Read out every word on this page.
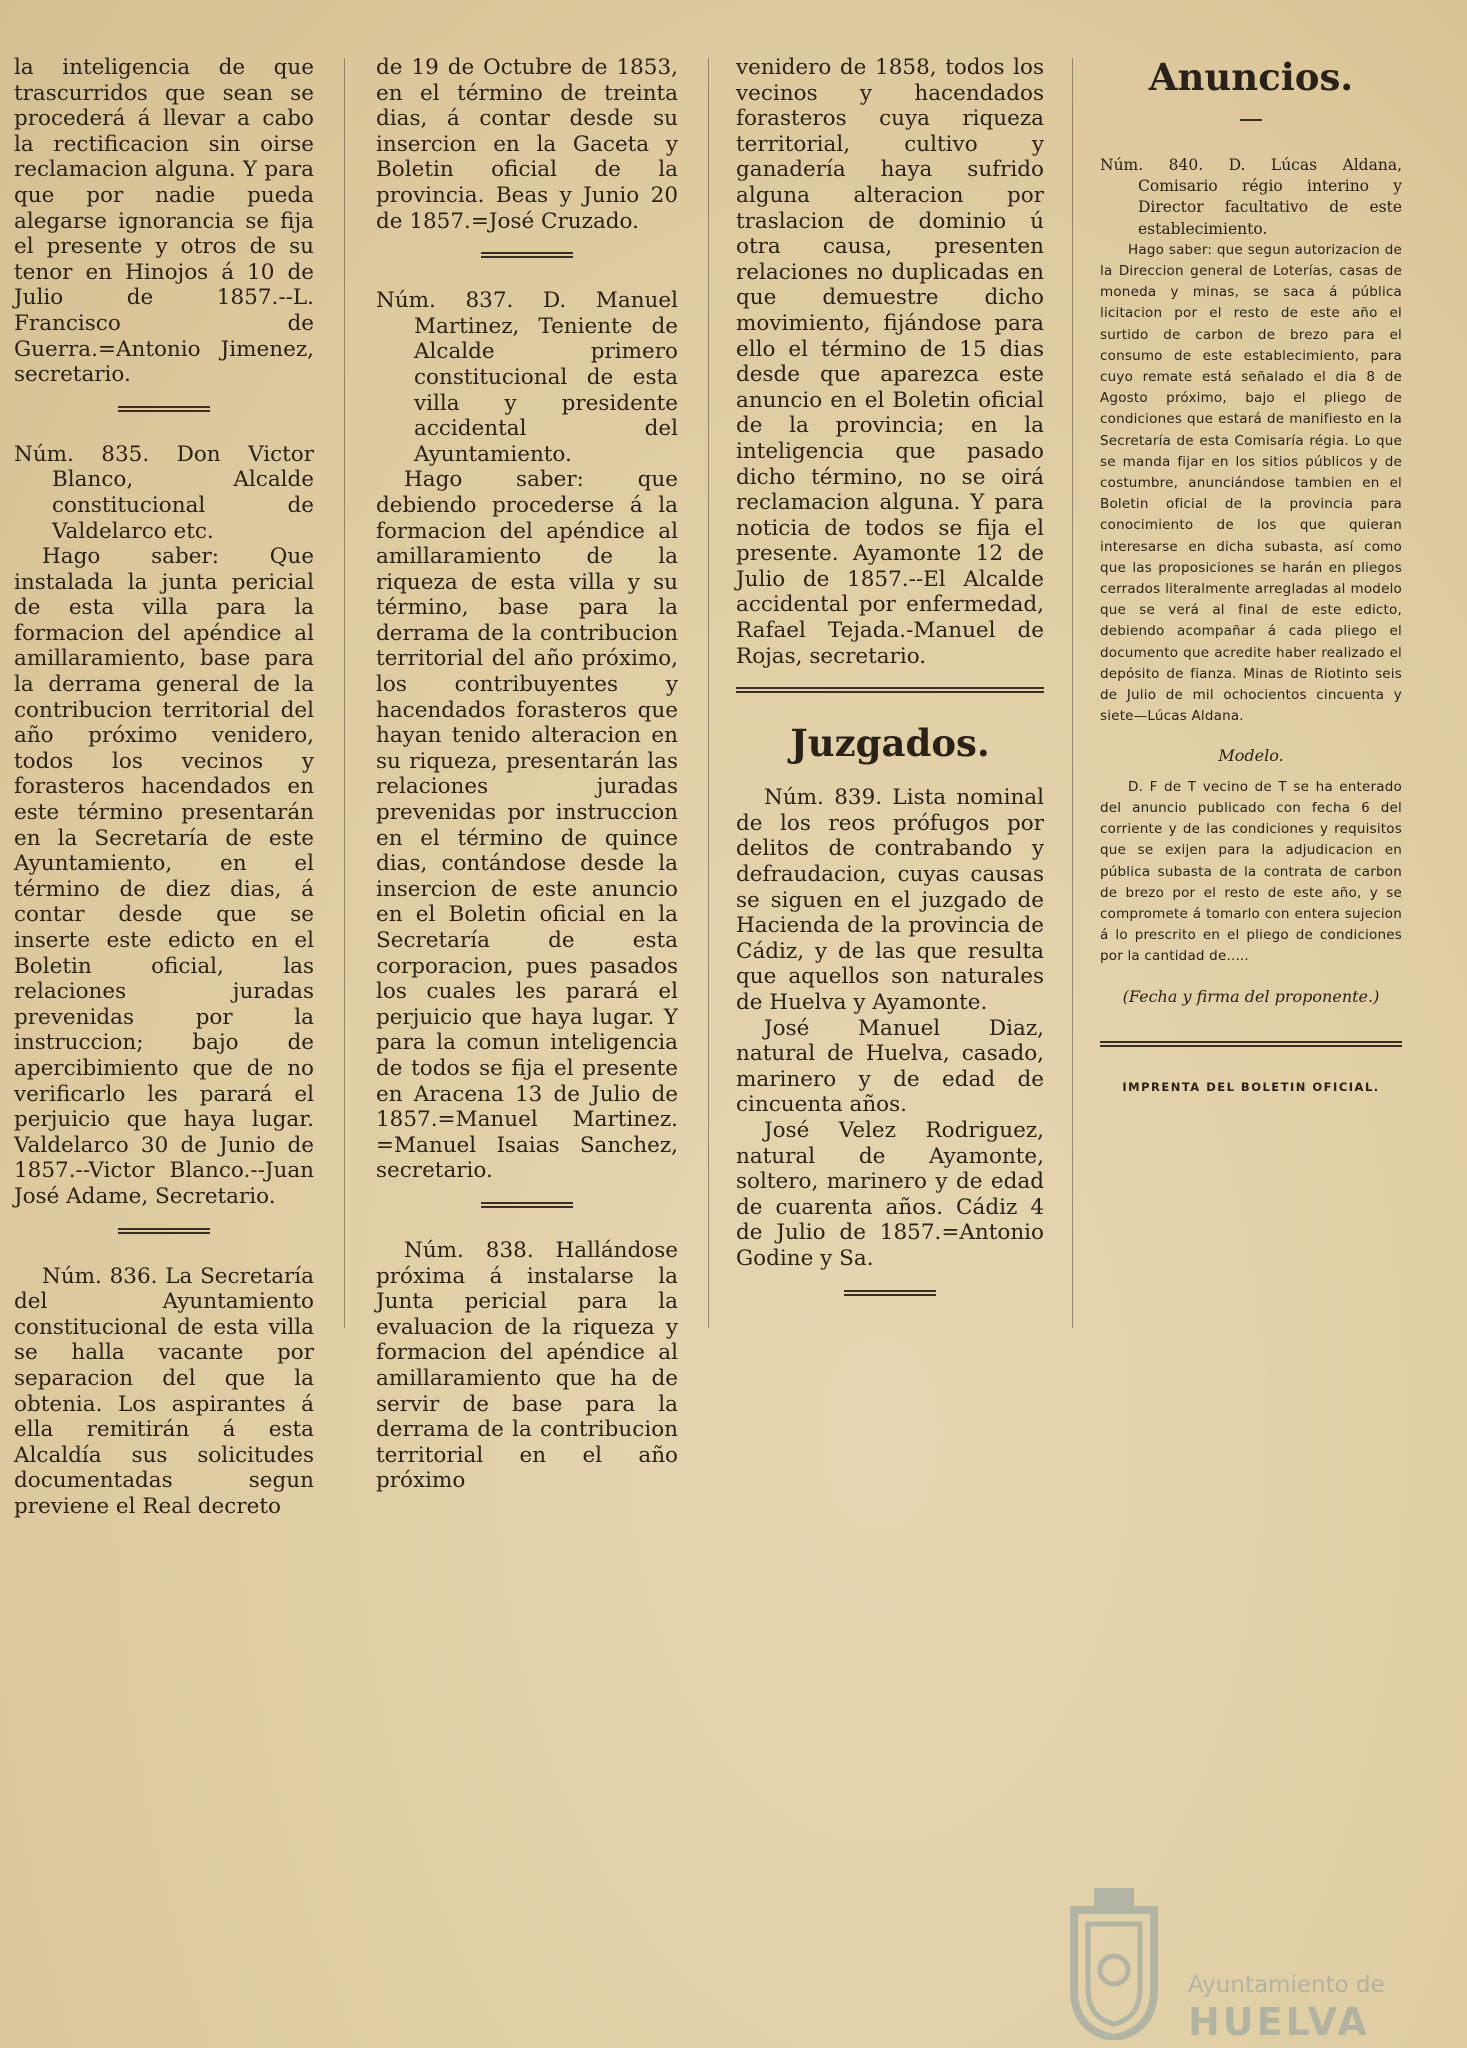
la inteligencia de que trascurridos que sean se procederá á llevar a cabo la rectificacion sin oirse reclamacion alguna. Y para que por nadie pueda alegarse ignorancia se fija el presente y otros de su tenor en Hinojos á 10 de Julio de 1857.--L. Francisco de Guerra.=Antonio Jimenez, secretario.

Núm. 835. Don Victor Blanco, Alcalde constitucional de Valdelarco etc.

Hago saber: Que instalada la junta pericial de esta villa para la formacion del apéndice al amillaramiento, base para la derrama general de la contribucion territorial del año próximo venidero, todos los vecinos y forasteros hacendados en este término presentarán en la Secretaría de este Ayuntamiento, en el término de diez dias, á contar desde que se inserte este edicto en el Boletin oficial, las relaciones juradas prevenidas por la instruccion; bajo de apercibimiento que de no verificarlo les parará el perjuicio que haya lugar. Valdelarco 30 de Junio de 1857.--Victor Blanco.--Juan José Adame, Secretario.

Núm. 836. La Secretaría del Ayuntamiento constitucional de esta villa se halla vacante por separacion del que la obtenia. Los aspirantes á ella remitirán á esta Alcaldía sus solicitudes documentadas segun previene el Real decreto

de 19 de Octubre de 1853, en el término de treinta dias, á contar desde su insercion en la Gaceta y Boletin oficial de la provincia. Beas y Junio 20 de 1857.=José Cruzado.

Núm. 837. D. Manuel Martinez, Teniente de Alcalde primero constitucional de esta villa y presidente accidental del Ayuntamiento.

Hago saber: que debiendo procederse á la formacion del apéndice al amillaramiento de la riqueza de esta villa y su término, base para la derrama de la contribucion territorial del año próximo, los contribuyentes y hacendados forasteros que hayan tenido alteracion en su riqueza, presentarán las relaciones juradas prevenidas por instruccion en el término de quince dias, contándose desde la insercion de este anuncio en el Boletin oficial en la Secretaría de esta corporacion, pues pasados los cuales les parará el perjuicio que haya lugar. Y para la comun inteligencia de todos se fija el presente en Aracena 13 de Julio de 1857.=Manuel Martinez. =Manuel Isaias Sanchez, secretario.

Núm. 838. Hallándose próxima á instalarse la Junta pericial para la evaluacion de la riqueza y formacion del apéndice al amillaramiento que ha de servir de base para la derrama de la contribucion territorial en el año próximo

venidero de 1858, todos los vecinos y hacendados forasteros cuya riqueza territorial, cultivo y ganadería haya sufrido alguna alteracion por traslacion de dominio ú otra causa, presenten relaciones no duplicadas en que demuestre dicho movimiento, fijándose para ello el término de 15 dias desde que aparezca este anuncio en el Boletin oficial de la provincia; en la inteligencia que pasado dicho término, no se oirá reclamacion alguna. Y para noticia de todos se fija el presente. Ayamonte 12 de Julio de 1857.--El Alcalde accidental por enfermedad, Rafael Tejada.-Manuel de Rojas, secretario.

Juzgados.

Núm. 839. Lista nominal de los reos prófugos por delitos de contrabando y defraudacion, cuyas causas se siguen en el juzgado de Hacienda de la provincia de Cádiz, y de las que resulta que aquellos son naturales de Huelva y Ayamonte.

José Manuel Diaz, natural de Huelva, casado, marinero y de edad de cincuenta años.

José Velez Rodriguez, natural de Ayamonte, soltero, marinero y de edad de cuarenta años. Cádiz 4 de Julio de 1857.=Antonio Godine y Sa.

Anuncios.

Núm. 840. D. Lúcas Aldana, Comisario régio interino y Director facultativo de este establecimiento.

Hago saber: que segun autorizacion de la Direccion general de Loterías, casas de moneda y minas, se saca á pública licitacion por el resto de este año el surtido de carbon de brezo para el consumo de este establecimiento, para cuyo remate está señalado el dia 8 de Agosto próximo, bajo el pliego de condiciones que estará de manifiesto en la Secretaría de esta Comisaría régia. Lo que se manda fijar en los sitios públicos y de costumbre, anunciándose tambien en el Boletin oficial de la provincia para conocimiento de los que quieran interesarse en dicha subasta, así como que las proposiciones se harán en pliegos cerrados literalmente arregladas al modelo que se verá al final de este edicto, debiendo acompañar á cada pliego el documento que acredite haber realizado el depósito de fianza. Minas de Riotinto seis de Julio de mil ochocientos cincuenta y siete—Lúcas Aldana.

Modelo.

D. F de T vecino de T se ha enterado del anuncio publicado con fecha 6 del corriente y de las condiciones y requisitos que se exijen para la adjudicacion en pública subasta de la contrata de carbon de brezo por el resto de este año, y se compromete á tomarlo con entera sujecion á lo prescrito en el pliego de condiciones por la cantidad de.....

(Fecha y firma del proponente.)
IMPRENTA DEL BOLETIN OFICIAL.
Ayuntamiento de
HUELVA
